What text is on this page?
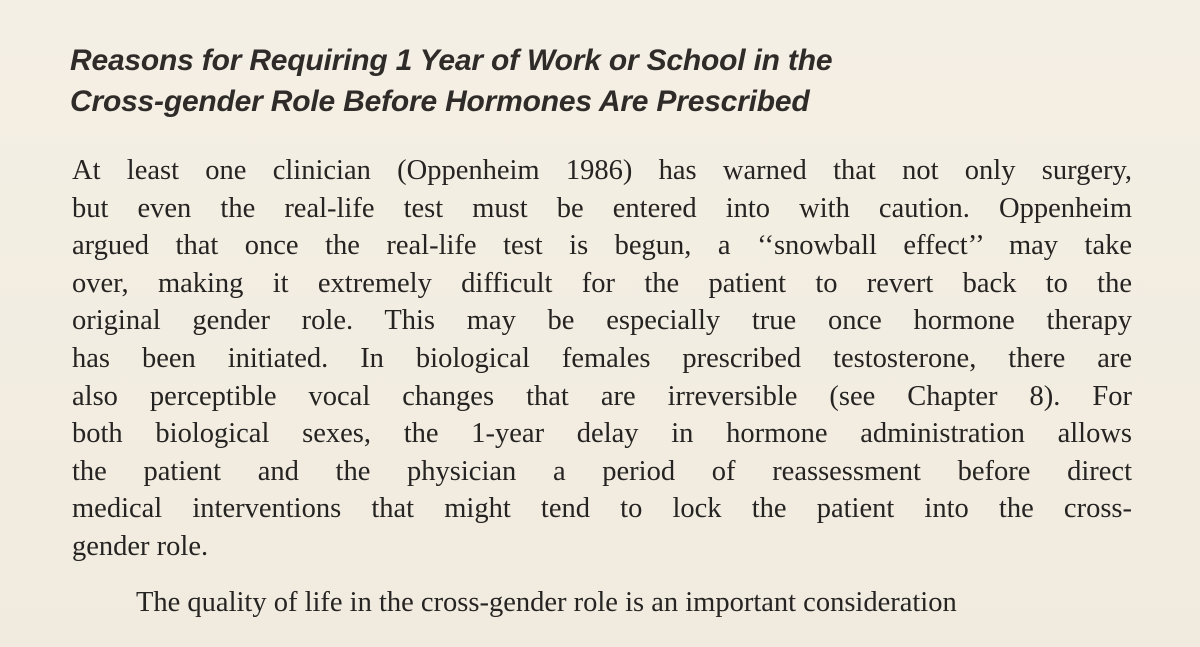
Reasons for Requiring 1 Year of Work or School in the
Cross-gender Role Before Hormones Are Prescribed
At least one clinician (Oppenheim 1986) has warned that not only surgery,
but even the real-life test must be entered into with caution. Oppenheim
argued that once the real-life test is begun, a ‘‘snowball effect’’ may take
over, making it extremely difficult for the patient to revert back to the
original gender role. This may be especially true once hormone therapy
has been initiated. In biological females prescribed testosterone, there are
also perceptible vocal changes that are irreversible (see Chapter 8). For
both biological sexes, the 1-year delay in hormone administration allows
the patient and the physician a period of reassessment before direct
medical interventions that might tend to lock the patient into the cross-
gender role.
The quality of life in the cross-gender role is an important consideration
